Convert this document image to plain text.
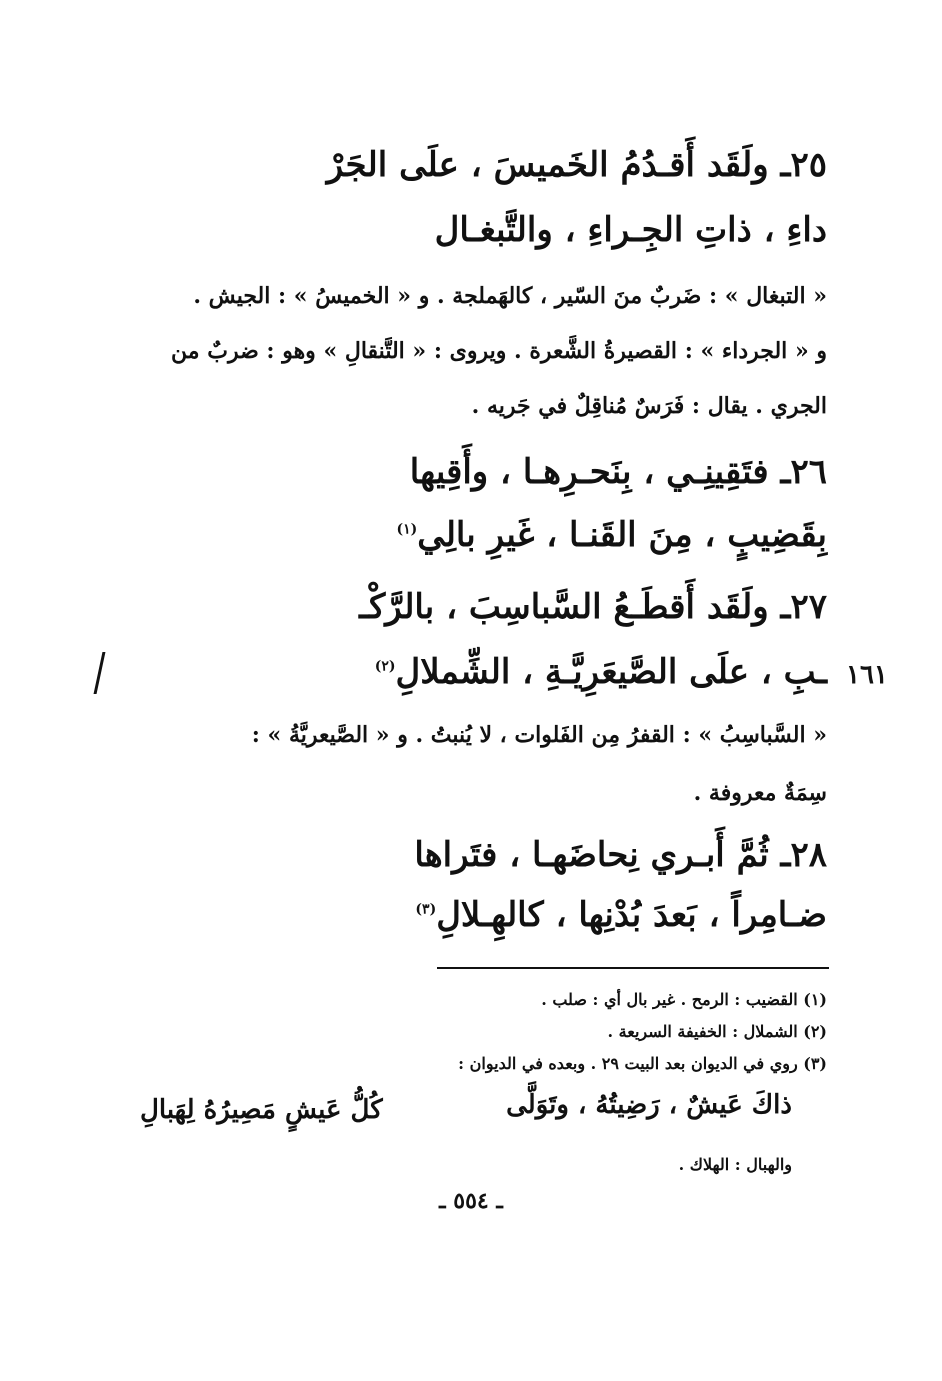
٢٥ـ ولَقَد أَقـدُمُ الخَميسَ ، علَى الجَرْ
داءِ ، ذاتِ الجِـراءِ ، والتَّبغـال
« التبغال » : ضَربٌ منَ السّير ، كالهَملجة . و « الخميسُ » : الجيش .
و « الجرداء » : القصيرةُ الشَّعرة . ويروى : « التَّنقالِ » وهو : ضربٌ من
الجري . يقال : فَرَسٌ مُناقِلٌ في جَريه .
٢٦ـ فتَقِينِـي ، بِنَحـرِهـا ، وأَقِيها
بِقَضِيبٍ ، مِنَ القَنـا ، غَيرِ بالِي$^{(١)}$
٢٧ـ ولَقَد أَقطَـعُ السَّباسِبَ ، بالرَّكْـ
ـبِ ، علَى الصَّيعَرِيَّـةِ ، الشِّملالِ$^{(٢)}$	١٦١
« السَّباسِبُ » : القفرُ مِن الفَلوات ، لا يُنبتُ . و « الصَّيعريَّةُ » :
سِمَةٌ معروفة .
٢٨ـ ثُمَّ أَبـري نِحاضَهـا ، فتَراها
ضـامِراً ، بَعدَ بُدْنِها ، كالهِـلالِ$^{(٣)}$
(١) القضيب : الرمح . غير بال أي : صلب .
(٢) الشملال : الخفيفة السريعة .
(٣) روي في الديوان بعد البيت ٢٩ . وبعده في الديوان :
ذاكَ عَيشٌ ، رَضِيتُهُ ، وتَوَلَّى
كُلُّ عَيشٍ مَصِيرُهُ لِهَبالِ
والهبال : الهلاك .
ـ ٥٥٤ ـ
